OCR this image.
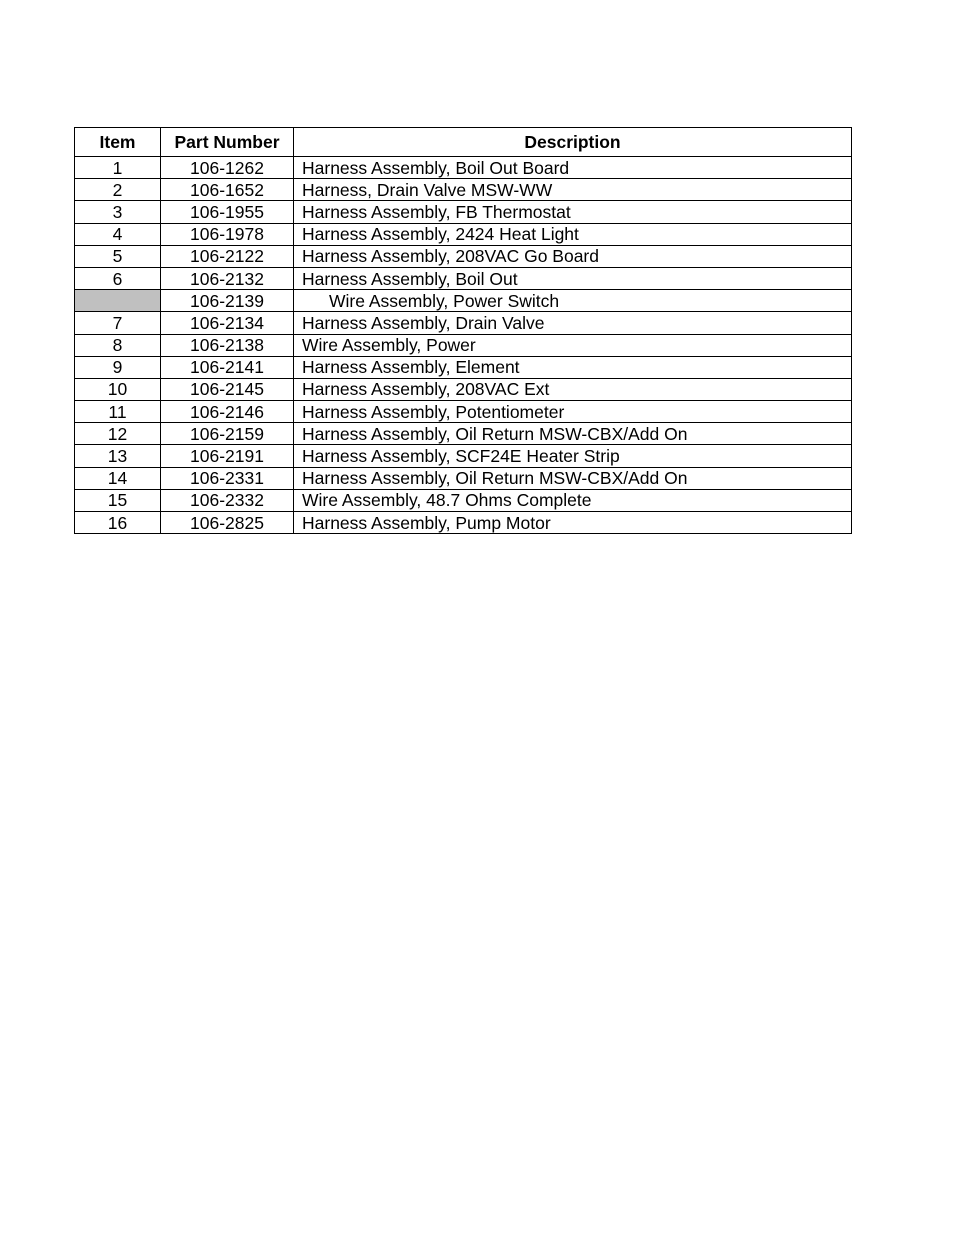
Item	Part Number	Description
1	106-1262	Harness Assembly, Boil Out Board
2	106-1652	Harness, Drain Valve MSW-WW
3	106-1955	Harness Assembly, FB Thermostat
4	106-1978	Harness Assembly, 2424 Heat Light
5	106-2122	Harness Assembly, 208VAC Go Board
6	106-2132	Harness Assembly, Boil Out
	106-2139	Wire Assembly, Power Switch
7	106-2134	Harness Assembly, Drain Valve
8	106-2138	Wire Assembly, Power
9	106-2141	Harness Assembly, Element
10	106-2145	Harness Assembly, 208VAC Ext
11	106-2146	Harness Assembly, Potentiometer
12	106-2159	Harness Assembly, Oil Return MSW-CBX/Add On
13	106-2191	Harness Assembly, SCF24E Heater Strip
14	106-2331	Harness Assembly, Oil Return MSW-CBX/Add On
15	106-2332	Wire Assembly, 48.7 Ohms Complete
16	106-2825	Harness Assembly, Pump Motor
